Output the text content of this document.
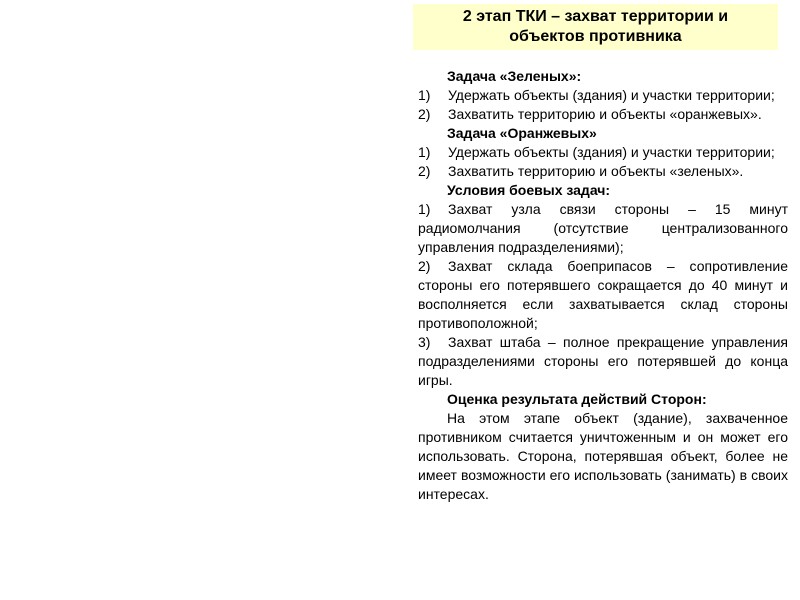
2 этап ТКИ – захват территории и объектов противника
Задача «Зеленых»:
1) Удержать объекты (здания) и участки территории;
2) Захватить территорию и объекты «оранжевых».
Задача «Оранжевых»
1) Удержать объекты (здания) и участки территории;
2) Захватить территорию и объекты «зеленых».
Условия боевых задач:
1) Захват узла связи стороны – 15 минут радиомолчания (отсутствие централизованного управления подразделениями);
2) Захват склада боеприпасов – сопротивление стороны его потерявшего сокращается до 40 минут и восполняется если захватывается склад стороны противоположной;
3) Захват штаба – полное прекращение управления подразделениями стороны его потерявшей до конца игры.
Оценка результата действий Сторон:
На этом этапе объект (здание), захваченное противником считается уничтоженным и он может его использовать. Сторона, потерявшая объект, более не имеет возможности его использовать (занимать) в своих интересах.
